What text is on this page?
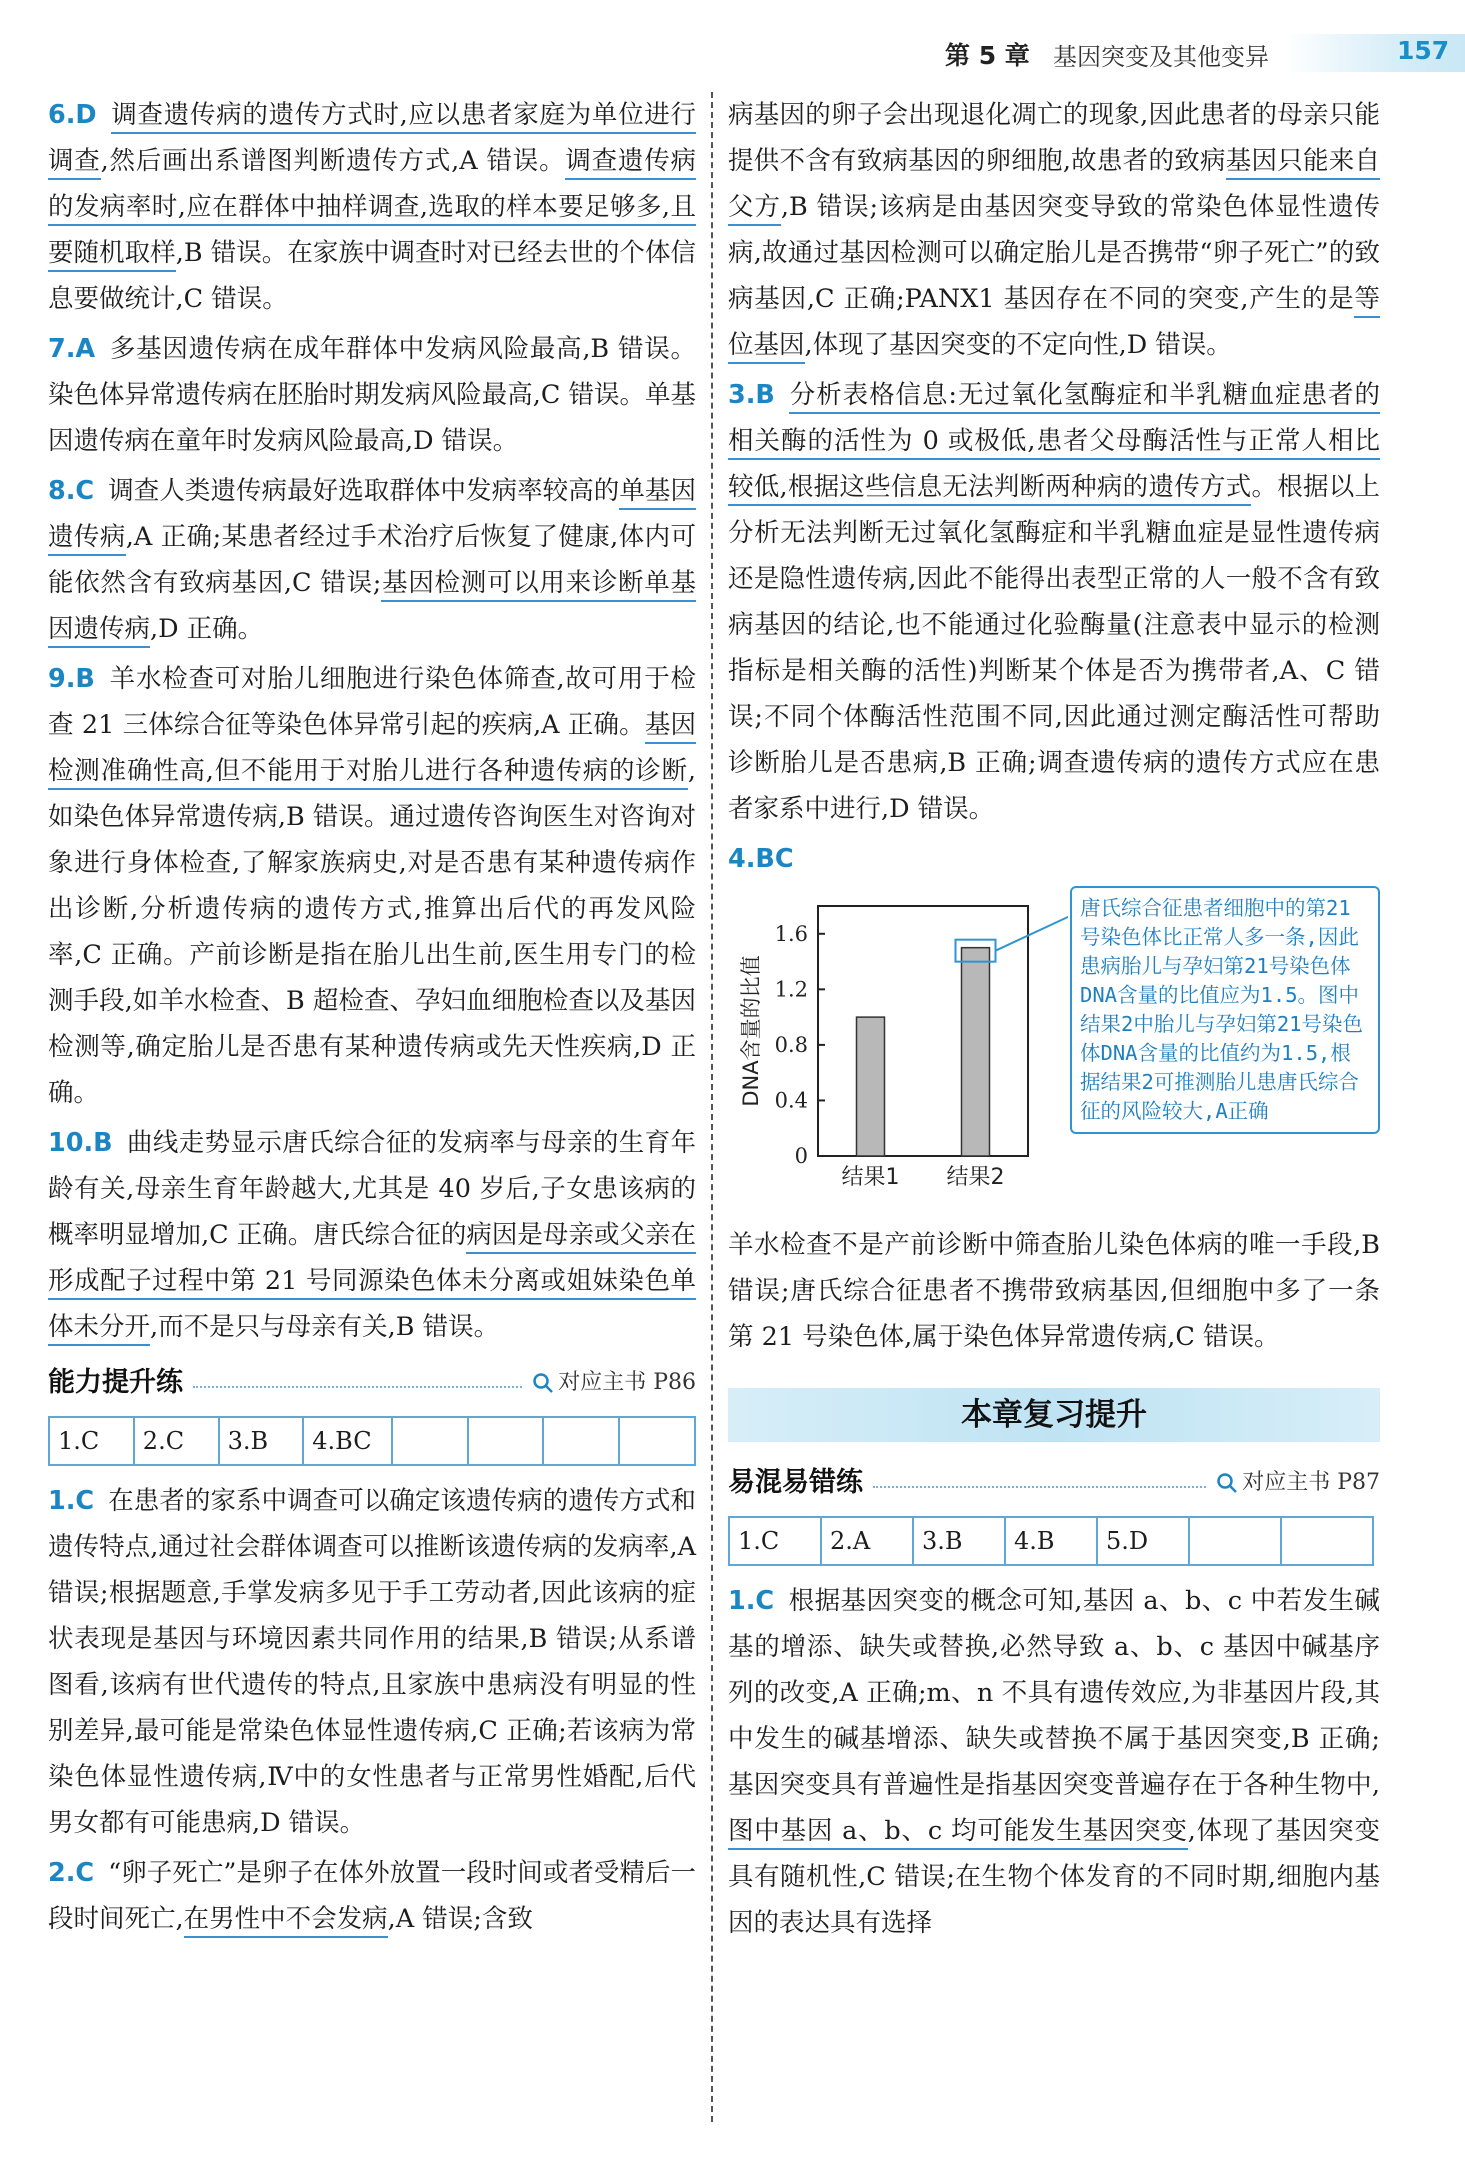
第 5 章 基因突变及其他变异	157

6.D 调查遗传病的遗传方式时,应以患者家庭为单位进行调查,然后画出系谱图判断遗传方式,A 错误。调查遗传病的发病率时,应在群体中抽样调查,选取的样本要足够多,且要随机取样,B 错误。在家族中调查时对已经去世的个体信息要做统计,C 错误。

7.A 多基因遗传病在成年群体中发病风险最高,B 错误。染色体异常遗传病在胚胎时期发病风险最高,C 错误。单基因遗传病在童年时发病风险最高,D 错误。

8.C 调查人类遗传病最好选取群体中发病率较高的单基因遗传病,A 正确;某患者经过手术治疗后恢复了健康,体内可能依然含有致病基因,C 错误;基因检测可以用来诊断单基因遗传病,D 正确。

9.B 羊水检查可对胎儿细胞进行染色体筛查,故可用于检查 21 三体综合征等染色体异常引起的疾病,A 正确。基因检测准确性高,但不能用于对胎儿进行各种遗传病的诊断,如染色体异常遗传病,B 错误。通过遗传咨询医生对咨询对象进行身体检查,了解家族病史,对是否患有某种遗传病作出诊断,分析遗传病的遗传方式,推算出后代的再发风险率,C 正确。产前诊断是指在胎儿出生前,医生用专门的检测手段,如羊水检查、B 超检查、孕妇血细胞检查以及基因检测等,确定胎儿是否患有某种遗传病或先天性疾病,D 正确。

10.B 曲线走势显示唐氏综合征的发病率与母亲的生育年龄有关,母亲生育年龄越大,尤其是 40 岁后,子女患该病的概率明显增加,C 正确。唐氏综合征的病因是母亲或父亲在形成配子过程中第 21 号同源染色体未分离或姐妹染色单体未分开,而不是只与母亲有关,B 错误。

能力提升练	对应主书 P86
1.C	2.C	3.B	4.BC				

1.C 在患者的家系中调查可以确定该遗传病的遗传方式和遗传特点,通过社会群体调查可以推断该遗传病的发病率,A 错误;根据题意,手掌发病多见于手工劳动者,因此该病的症状表现是基因与环境因素共同作用的结果,B 错误;从系谱图看,该病有世代遗传的特点,且家族中患病没有明显的性别差异,最可能是常染色体显性遗传病,C 正确;若该病为常染色体显性遗传病,Ⅳ中的女性患者与正常男性婚配,后代男女都有可能患病,D 错误。

2.C “卵子死亡”是卵子在体外放置一段时间或者受精后一段时间死亡,在男性中不会发病,A 错误;含致

病基因的卵子会出现退化凋亡的现象,因此患者的母亲只能提供不含有致病基因的卵细胞,故患者的致病基因只能来自父方,B 错误;该病是由基因突变导致的常染色体显性遗传病,故通过基因检测可以确定胎儿是否携带“卵子死亡”的致病基因,C 正确;PANX1 基因存在不同的突变,产生的是等位基因,体现了基因突变的不定向性,D 错误。

3.B 分析表格信息:无过氧化氢酶症和半乳糖血症患者的相关酶的活性为 0 或极低,患者父母酶活性与正常人相比较低,根据这些信息无法判断两种病的遗传方式。根据以上分析无法判断无过氧化氢酶症和半乳糖血症是显性遗传病还是隐性遗传病,因此不能得出表型正常的人一般不含有致病基因的结论,也不能通过化验酶量(注意表中显示的检测指标是相关酶的活性)判断某个体是否为携带者,A、C 错误;不同个体酶活性范围不同,因此通过测定酶活性可帮助诊断胎儿是否患病,B 正确;调查遗传病的遗传方式应在患者家系中进行,D 错误。

4.BC

0
0.4
0.8
1.2
1.6
结果1 结果2
DNA含量的比值
唐氏综合征患者细胞中的第21号染色体比正常人多一条,因此患病胎儿与孕妇第21号染色体DNA含量的比值应为1.5。图中结果2中胎儿与孕妇第21号染色体DNA含量的比值约为1.5,根据结果2可推测胎儿患唐氏综合征的风险较大,A正确

羊水检查不是产前诊断中筛查胎儿染色体病的唯一手段,B 错误;唐氏综合征患者不携带致病基因,但细胞中多了一条第 21 号染色体,属于染色体异常遗传病,C 错误。

本章复习提升
易混易错练	对应主书 P87
1.C	2.A	3.B	4.B	5.D		

1.C 根据基因突变的概念可知,基因 a、b、c 中若发生碱基的增添、缺失或替换,必然导致 a、b、c 基因中碱基序列的改变,A 正确;m、n 不具有遗传效应,为非基因片段,其中发生的碱基增添、缺失或替换不属于基因突变,B 正确;基因突变具有普遍性是指基因突变普遍存在于各种生物中,图中基因 a、b、c 均可能发生基因突变,体现了基因突变具有随机性,C 错误;在生物个体发育的不同时期,细胞内基因的表达具有选择
